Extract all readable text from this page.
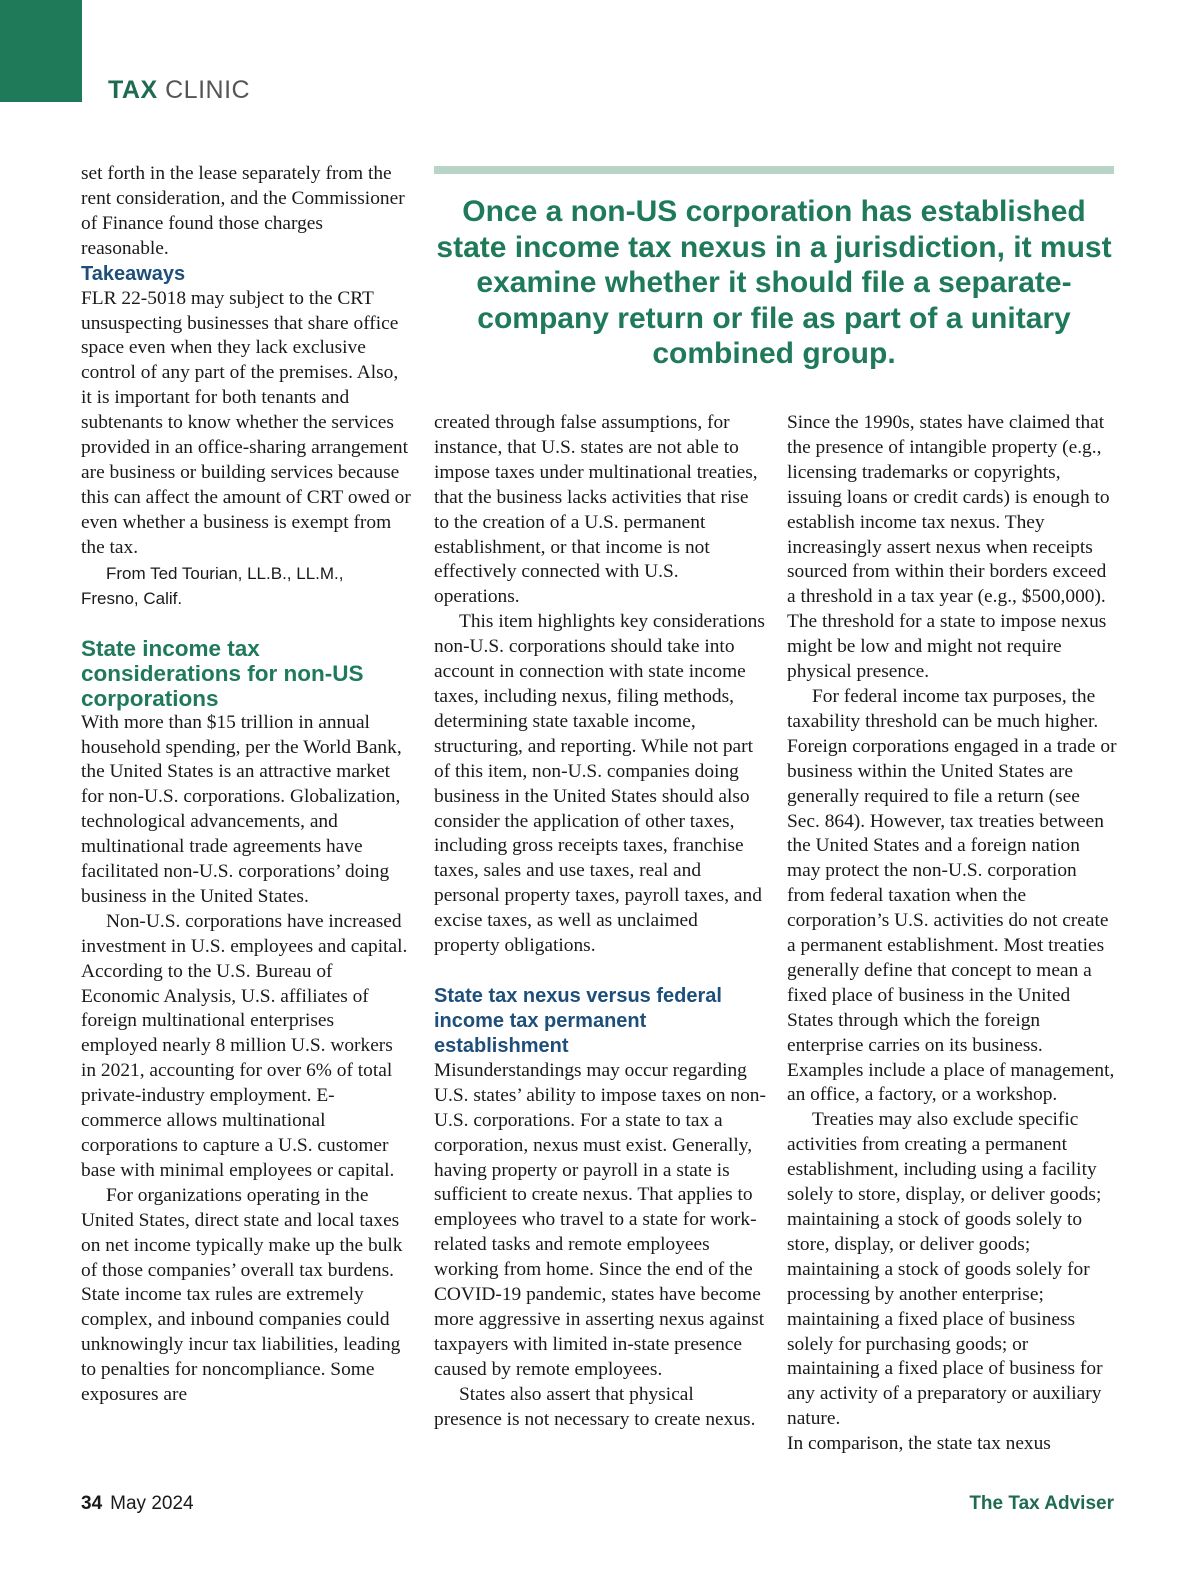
TAX CLINIC

Once a non-US corporation has established state income tax nexus in a jurisdiction, it must examine whether it should file a separate-company return or file as part of a unitary combined group.

set forth in the lease separately from the rent consideration, and the Commissioner of Finance found those charges reasonable.

Takeaways

FLR 22-5018 may subject to the CRT unsuspecting businesses that share office space even when they lack exclusive control of any part of the premises. Also, it is important for both tenants and subtenants to know whether the services provided in an office-sharing arrangement are business or building services because this can affect the amount of CRT owed or even whether a business is exempt from the tax.

From Ted Tourian, LL.B., LL.M.,

Fresno, Calif.

State income tax considerations for non-US corporations

With more than $15 trillion in annual household spending, per the World Bank, the United States is an attractive market for non-U.S. corporations. Globalization, technological advancements, and multinational trade agreements have facilitated non-U.S. corporations’ doing business in the United States.

Non-U.S. corporations have increased investment in U.S. employees and capital. According to the U.S. Bureau of Economic Analysis, U.S. affiliates of foreign multinational enterprises employed nearly 8 million U.S. workers in 2021, accounting for over 6% of total private-industry employment. E-commerce allows multinational corporations to capture a U.S. customer base with minimal employees or capital.

For organizations operating in the United States, direct state and local taxes on net income typically make up the bulk of those companies’ overall tax burdens. State income tax rules are extremely complex, and inbound companies could unknowingly incur tax liabilities, leading to penalties for noncompliance. Some exposures are

created through false assumptions, for instance, that U.S. states are not able to impose taxes under multinational treaties, that the business lacks activities that rise to the creation of a U.S. permanent establishment, or that income is not effectively connected with U.S. operations.

This item highlights key considerations non-U.S. corporations should take into account in connection with state income taxes, including nexus, filing methods, determining state taxable income, structuring, and reporting. While not part of this item, non-U.S. companies doing business in the United States should also consider the application of other taxes, including gross receipts taxes, franchise taxes, sales and use taxes, real and personal property taxes, payroll taxes, and excise taxes, as well as unclaimed property obligations.

State tax nexus versus federal income tax permanent establishment

Misunderstandings may occur regarding U.S. states’ ability to impose taxes on non-U.S. corporations. For a state to tax a corporation, nexus must exist. Generally, having property or payroll in a state is sufficient to create nexus. That applies to employees who travel to a state for work-related tasks and remote employees working from home. Since the end of the COVID-19 pandemic, states have become more aggressive in asserting nexus against taxpayers with limited in-state presence caused by remote employees.

States also assert that physical presence is not necessary to create nexus.

Since the 1990s, states have claimed that the presence of intangible property (e.g., licensing trademarks or copyrights, issuing loans or credit cards) is enough to establish income tax nexus. They increasingly assert nexus when receipts sourced from within their borders exceed a threshold in a tax year (e.g., $500,000). The threshold for a state to impose nexus might be low and might not require physical presence.

For federal income tax purposes, the taxability threshold can be much higher. Foreign corporations engaged in a trade or business within the United States are generally required to file a return (see Sec. 864). However, tax treaties between the United States and a foreign nation may protect the non-U.S. corporation from federal taxation when the corporation’s U.S. activities do not create a permanent establishment. Most treaties generally define that concept to mean a fixed place of business in the United States through which the foreign enterprise carries on its business. Examples include a place of management, an office, a factory, or a workshop.

Treaties may also exclude specific activities from creating a permanent establishment, including using a facility solely to store, display, or deliver goods; maintaining a stock of goods solely to store, display, or deliver goods; maintaining a stock of goods solely for processing by another enterprise; maintaining a fixed place of business solely for purchasing goods; or maintaining a fixed place of business for any activity of a preparatory or auxiliary nature.

In comparison, the state tax nexus

34 May 2024	The Tax Adviser
